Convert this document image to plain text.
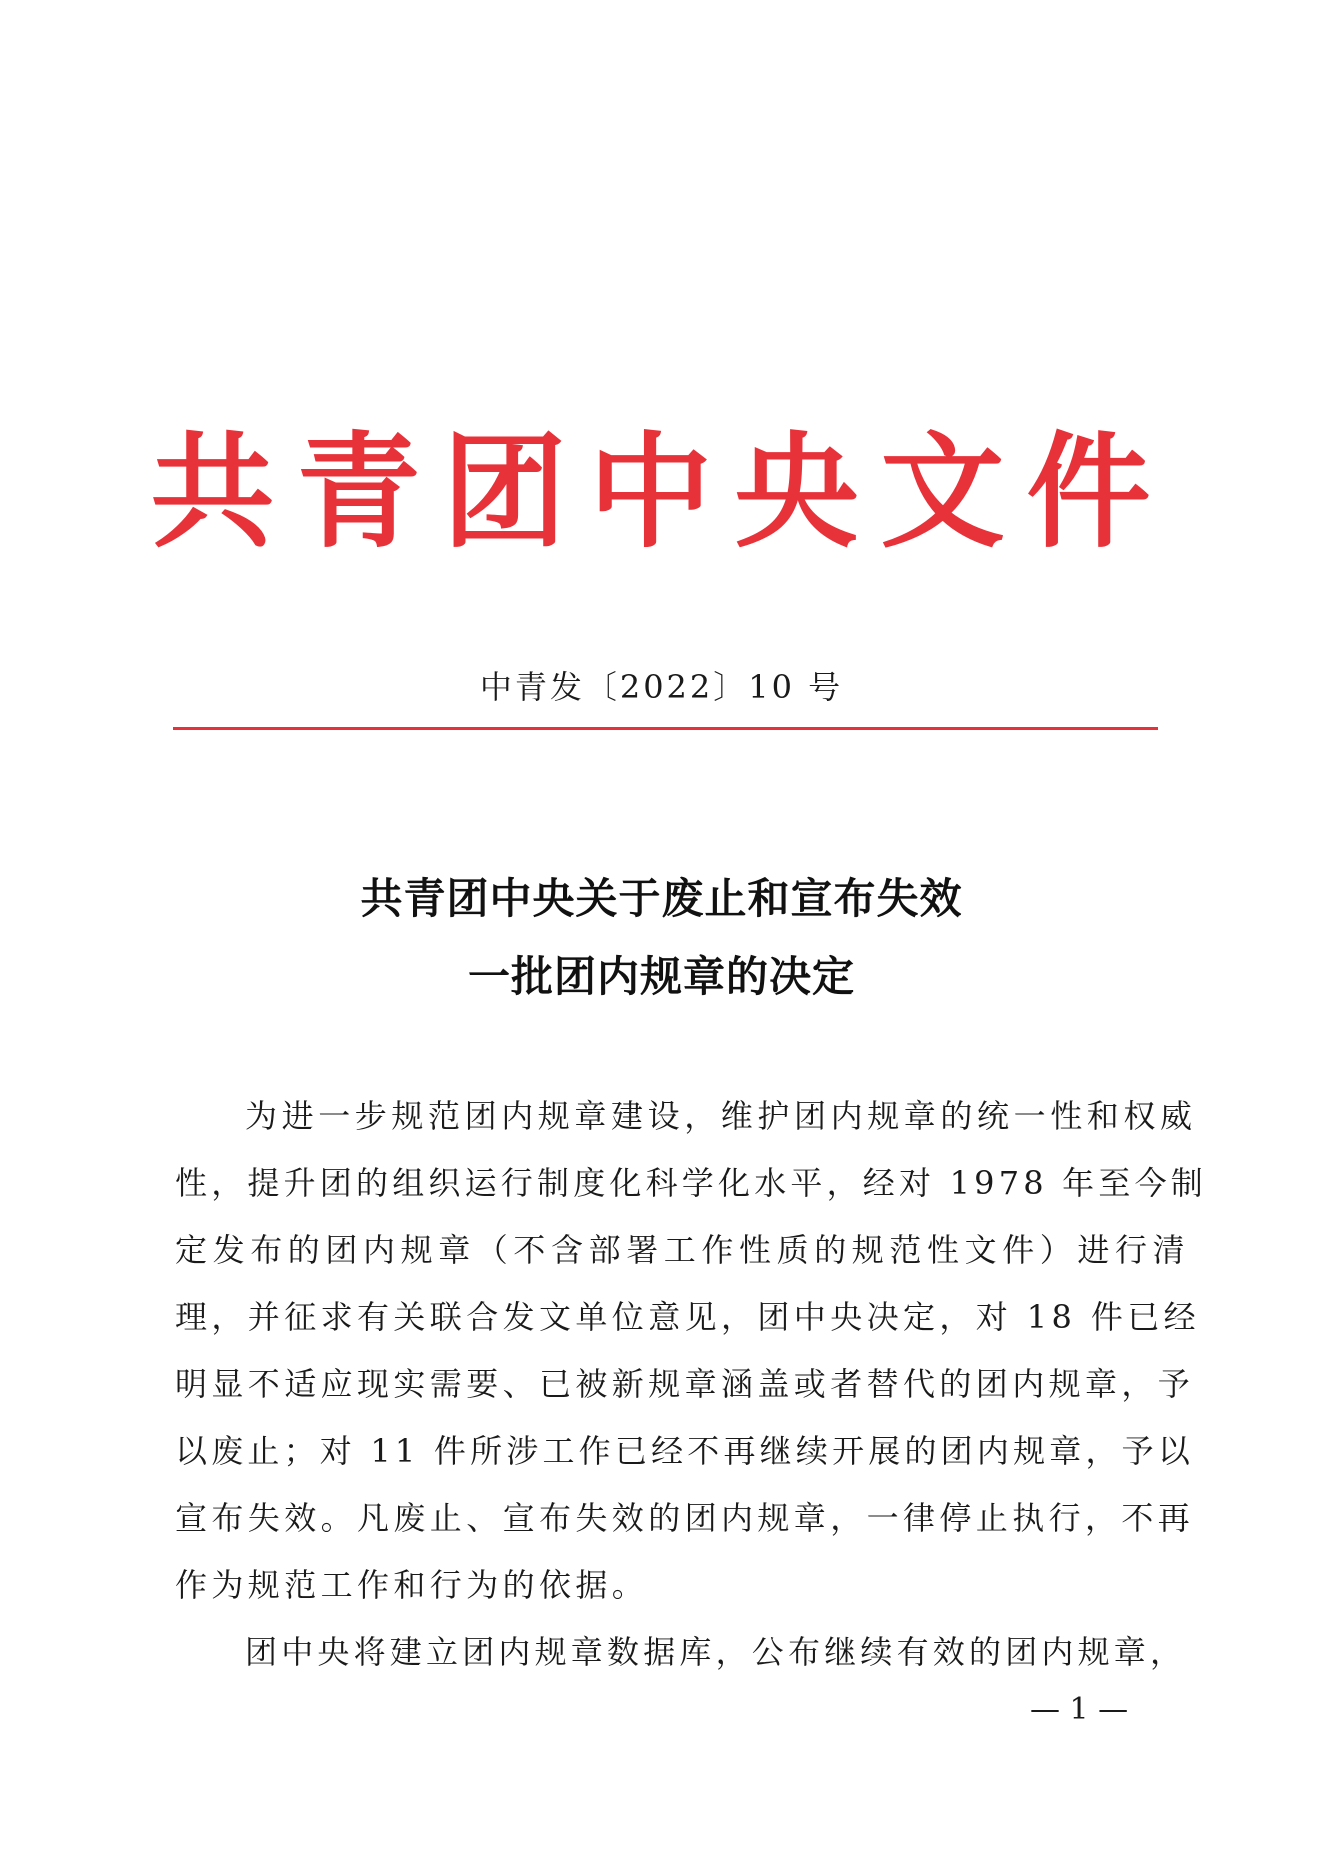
共青团中央文件
中青发〔2022〕10 号
共青团中央关于废止和宣布失效
一批团内规章的决定
为进一步规范团内规章建设，维护团内规章的统一性和权威
性，提升团的组织运行制度化科学化水平，经对 1978 年至今制
定发布的团内规章（不含部署工作性质的规范性文件）进行清
理，并征求有关联合发文单位意见，团中央决定，对 18 件已经
明显不适应现实需要、已被新规章涵盖或者替代的团内规章，予
以废止；对 11 件所涉工作已经不再继续开展的团内规章，予以
宣布失效。凡废止、宣布失效的团内规章，一律停止执行，不再
作为规范工作和行为的依据。
团中央将建立团内规章数据库，公布继续有效的团内规章，
— 1 —
